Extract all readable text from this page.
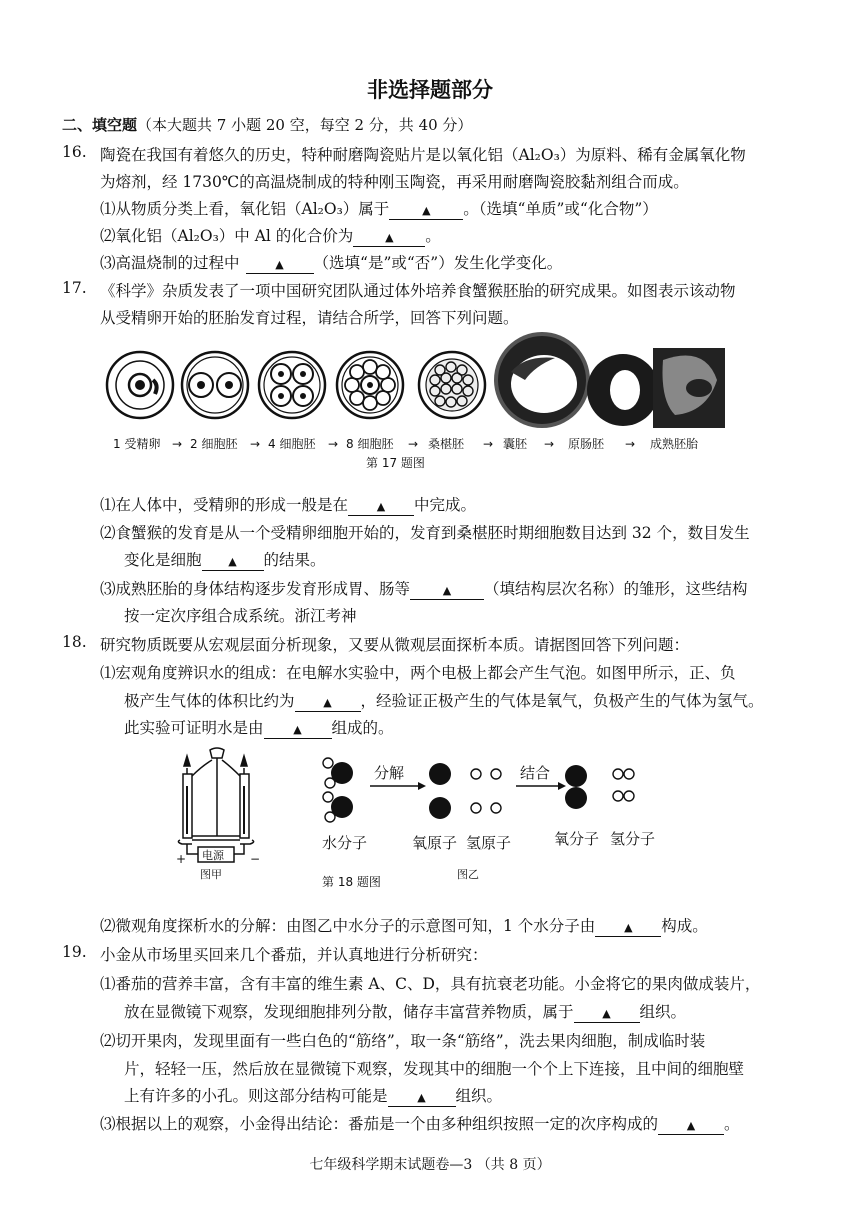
非选择题部分
二、填空题（本大题共 7 小题 20 空，每空 2 分，共 40 分）
16. 陶瓷在我国有着悠久的历史，特种耐磨陶瓷贴片是以氧化铝（Al₂O₃）为原料、稀有金属氧化物
为熔剂，经 1730℃的高温烧制成的特种刚玉陶瓷，再采用耐磨陶瓷胶黏剂组合而成。
⑴从物质分类上看，氧化铝（Al₂O₃）属于	▲ 。（选填“单质”或“化合物”）
⑵氧化铝（Al₂O₃）中 Al 的化合价为	▲ 。
⑶高温烧制的过程中	▲ （选填“是”或“否”）发生化学变化。
17. 《科学》杂质发表了一项中国研究团队通过体外培养食蟹猴胚胎的研究成果。如图表示该动物
从受精卵开始的胚胎发育过程，请结合所学，回答下列问题。
1 受精卵 → 2 细胞胚 → 4 细胞胚 → 8 细胞胚 → 桑椹胚 → 囊胚 → 原肠胚 → 成熟胚胎
第 17 题图
⑴在人体中，受精卵的形成一般是在	▲ 中完成。
⑵食蟹猴的发育是从一个受精卵细胞开始的，发育到桑椹胚时期细胞数目达到 32 个，数目发生
变化是细胞 ▲ 的结果。
⑶成熟胚胎的身体结构逐步发育形成胃、肠等	▲ （填结构层次名称）的雏形，这些结构
按一定次序组合成系统。浙江考神
18. 研究物质既要从宏观层面分析现象，又要从微观层面探析本质。请据图回答下列问题：
⑴宏观角度辨识水的组成：在电解水实验中，两个电极上都会产生气泡。如图甲所示，正、负
极产生气体的体积比约为	▲ ，经验证正极产生的气体是氧气，负极产生的气体为氢气。
此实验可证明水是由	▲ 组成的。
电源
+	−
图甲
分解	结合
水分子	氧原子 氢原子	氧分子 氢分子
图乙
第 18 题图
⑵微观角度探析水的分解：由图乙中水分子的示意图可知，1 个水分子由	▲ 构成。
19. 小金从市场里买回来几个番茄，并认真地进行分析研究：
⑴番茄的营养丰富，含有丰富的维生素 A、C、D，具有抗衰老功能。小金将它的果肉做成装片，
放在显微镜下观察，发现细胞排列分散，储存丰富营养物质，属于	▲ 组织。
⑵切开果肉，发现里面有一些白色的“筋络”，取一条“筋络”，洗去果肉细胞，制成临时装
片，轻轻一压，然后放在显微镜下观察，发现其中的细胞一个个上下连接，且中间的细胞壁
上有许多的小孔。则这部分结构可能是	▲ 组织。
⑶根据以上的观察，小金得出结论：番茄是一个由多种组织按照一定的次序构成的	▲ 。
七年级科学期末试题卷—3 （共 8 页）
